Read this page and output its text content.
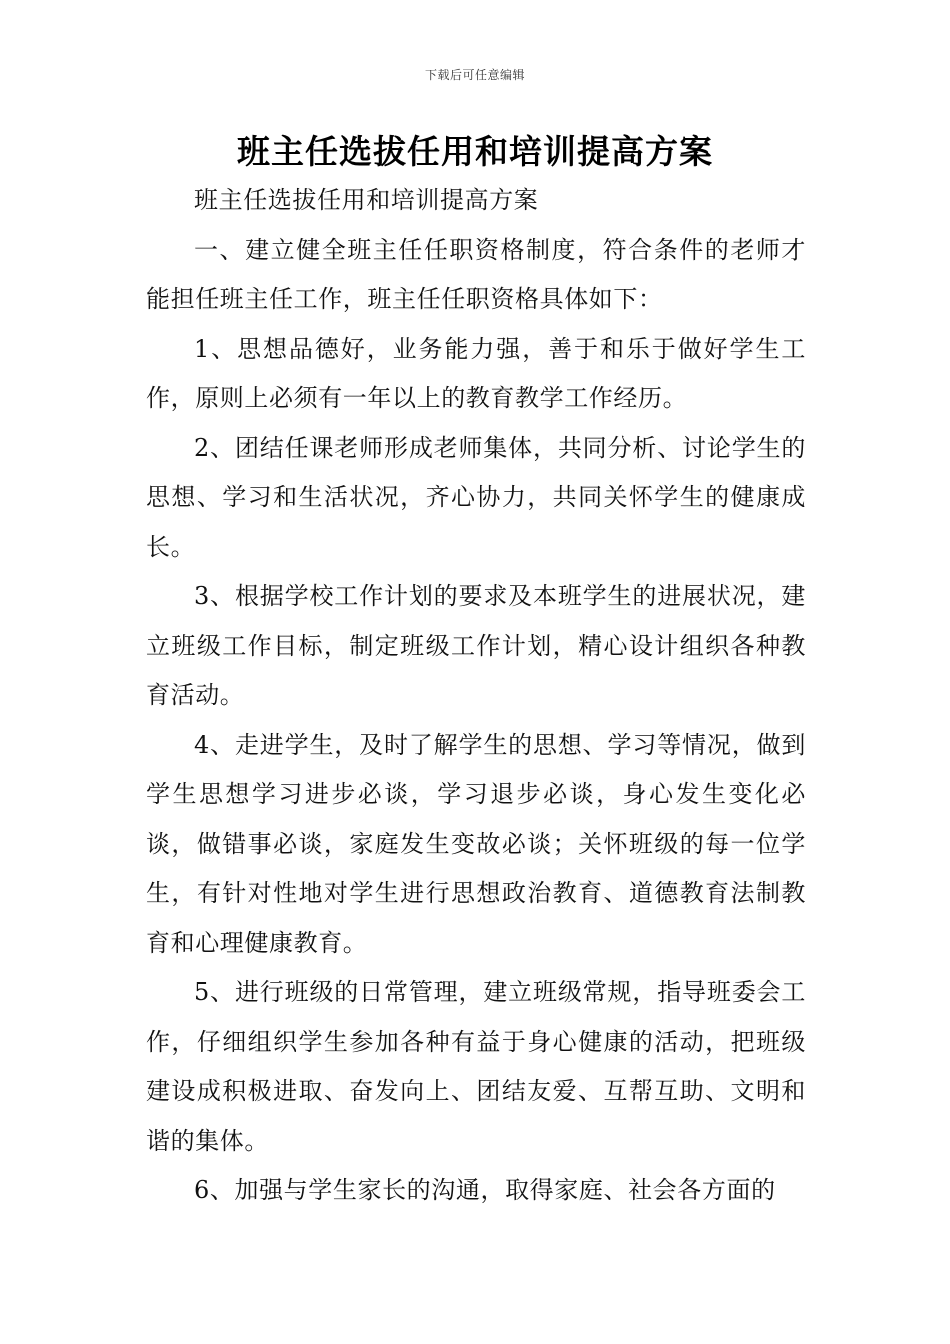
下载后可任意编辑
班主任选拔任用和培训提高方案

班主任选拔任用和培训提高方案

一、建立健全班主任任职资格制度，符合条件的老师才能担任班主任工作，班主任任职资格具体如下：

1、思想品德好，业务能力强，善于和乐于做好学生工作，原则上必须有一年以上的教育教学工作经历。

2、团结任课老师形成老师集体，共同分析、讨论学生的思想、学习和生活状况，齐心协力，共同关怀学生的健康成长。

3、根据学校工作计划的要求及本班学生的进展状况，建立班级工作目标，制定班级工作计划，精心设计组织各种教育活动。

4、走进学生，及时了解学生的思想、学习等情况，做到学生思想学习进步必谈，学习退步必谈，身心发生变化必谈，做错事必谈，家庭发生变故必谈；关怀班级的每一位学生，有针对性地对学生进行思想政治教育、道德教育法制教育和心理健康教育。

5、进行班级的日常管理，建立班级常规，指导班委会工作，仔细组织学生参加各种有益于身心健康的活动，把班级建设成积极进取、奋发向上、团结友爱、互帮互助、文明和谐的集体。

6、加强与学生家长的沟通，取得家庭、社会各方面的
